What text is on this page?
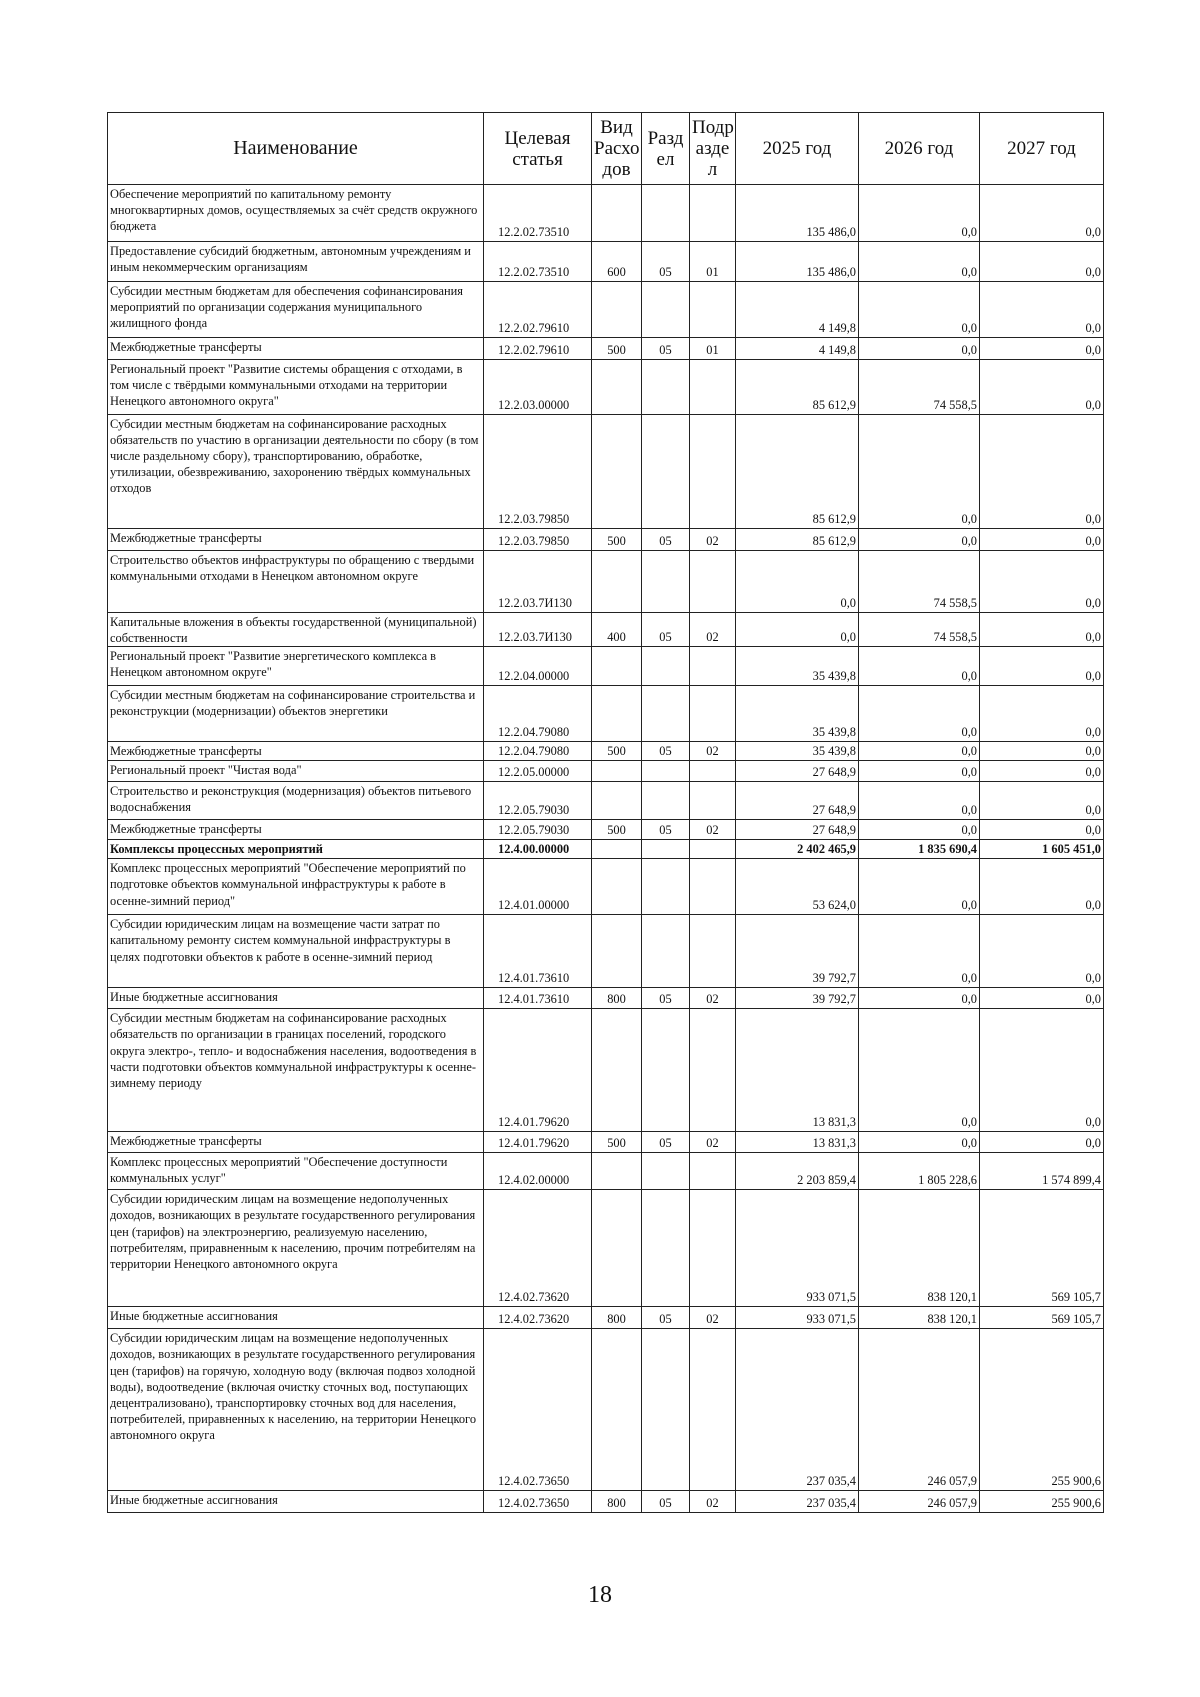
Наименование	Целевая статья	Вид Расхо дов	Разд ел	Подр азде л	2025 год	2026 год	2027 год
Обеспечение мероприятий по капитальному ремонту многоквартирных домов, осуществляемых за счёт средств окружного бюджета	12.2.02.73510				135 486,0	0,0	0,0
Предоставление субсидий бюджетным, автономным учреждениям и иным некоммерческим организациям	12.2.02.73510	600	05	01	135 486,0	0,0	0,0
Субсидии местным бюджетам для обеспечения софинансирования мероприятий по организации содержания муниципального жилищного фонда	12.2.02.79610				4 149,8	0,0	0,0
Межбюджетные трансферты	12.2.02.79610	500	05	01	4 149,8	0,0	0,0
Региональный проект "Развитие системы обращения с отходами, в том числе с твёрдыми коммунальными отходами на территории Ненецкого автономного округа"	12.2.03.00000				85 612,9	74 558,5	0,0
Субсидии местным бюджетам на софинансирование расходных обязательств по участию в организации деятельности по сбору (в том числе раздельному сбору), транспортированию, обработке, утилизации, обезвреживанию, захоронению твёрдых коммунальных отходов	12.2.03.79850				85 612,9	0,0	0,0
Межбюджетные трансферты	12.2.03.79850	500	05	02	85 612,9	0,0	0,0
Строительство объектов инфраструктуры по обращению с твердыми коммунальными отходами в Ненецком автономном округе	12.2.03.7И130				0,0	74 558,5	0,0
Капитальные вложения в объекты государственной (муниципальной) собственности	12.2.03.7И130	400	05	02	0,0	74 558,5	0,0
Региональный проект "Развитие энергетического комплекса в Ненецком автономном округе"	12.2.04.00000				35 439,8	0,0	0,0
Субсидии местным бюджетам на софинансирование строительства и реконструкции (модернизации) объектов энергетики	12.2.04.79080				35 439,8	0,0	0,0
Межбюджетные трансферты	12.2.04.79080	500	05	02	35 439,8	0,0	0,0
Региональный проект "Чистая вода"	12.2.05.00000				27 648,9	0,0	0,0
Строительство и реконструкция (модернизация) объектов питьевого водоснабжения	12.2.05.79030				27 648,9	0,0	0,0
Межбюджетные трансферты	12.2.05.79030	500	05	02	27 648,9	0,0	0,0
Комплексы процессных мероприятий	12.4.00.00000				2 402 465,9	1 835 690,4	1 605 451,0
Комплекс процессных мероприятий "Обеспечение мероприятий по подготовке объектов коммунальной инфраструктуры к работе в осенне-зимний период"	12.4.01.00000				53 624,0	0,0	0,0
Субсидии юридическим лицам на возмещение части затрат по капитальному ремонту систем коммунальной инфраструктуры в целях подготовки объектов к работе в осенне-зимний период	12.4.01.73610				39 792,7	0,0	0,0
Иные бюджетные ассигнования	12.4.01.73610	800	05	02	39 792,7	0,0	0,0
Субсидии местным бюджетам на софинансирование расходных обязательств по организации в границах поселений, городского округа электро-, тепло- и водоснабжения населения, водоотведения в части подготовки объектов коммунальной инфраструктуры к осенне-зимнему периоду	12.4.01.79620				13 831,3	0,0	0,0
Межбюджетные трансферты	12.4.01.79620	500	05	02	13 831,3	0,0	0,0
Комплекс процессных мероприятий "Обеспечение доступности коммунальных услуг"	12.4.02.00000				2 203 859,4	1 805 228,6	1 574 899,4
Субсидии юридическим лицам на возмещение недополученных доходов, возникающих в результате государственного регулирования цен (тарифов) на электроэнергию, реализуемую населению, потребителям, приравненным к населению, прочим потребителям на территории Ненецкого автономного округа	12.4.02.73620				933 071,5	838 120,1	569 105,7
Иные бюджетные ассигнования	12.4.02.73620	800	05	02	933 071,5	838 120,1	569 105,7
Субсидии юридическим лицам на возмещение недополученных доходов, возникающих в результате государственного регулирования цен (тарифов) на горячую, холодную воду (включая подвоз холодной воды), водоотведение (включая очистку сточных вод, поступающих децентрализовано), транспортировку сточных вод для населения, потребителей, приравненных к населению, на территории Ненецкого автономного округа	12.4.02.73650				237 035,4	246 057,9	255 900,6
Иные бюджетные ассигнования	12.4.02.73650	800	05	02	237 035,4	246 057,9	255 900,6
18
